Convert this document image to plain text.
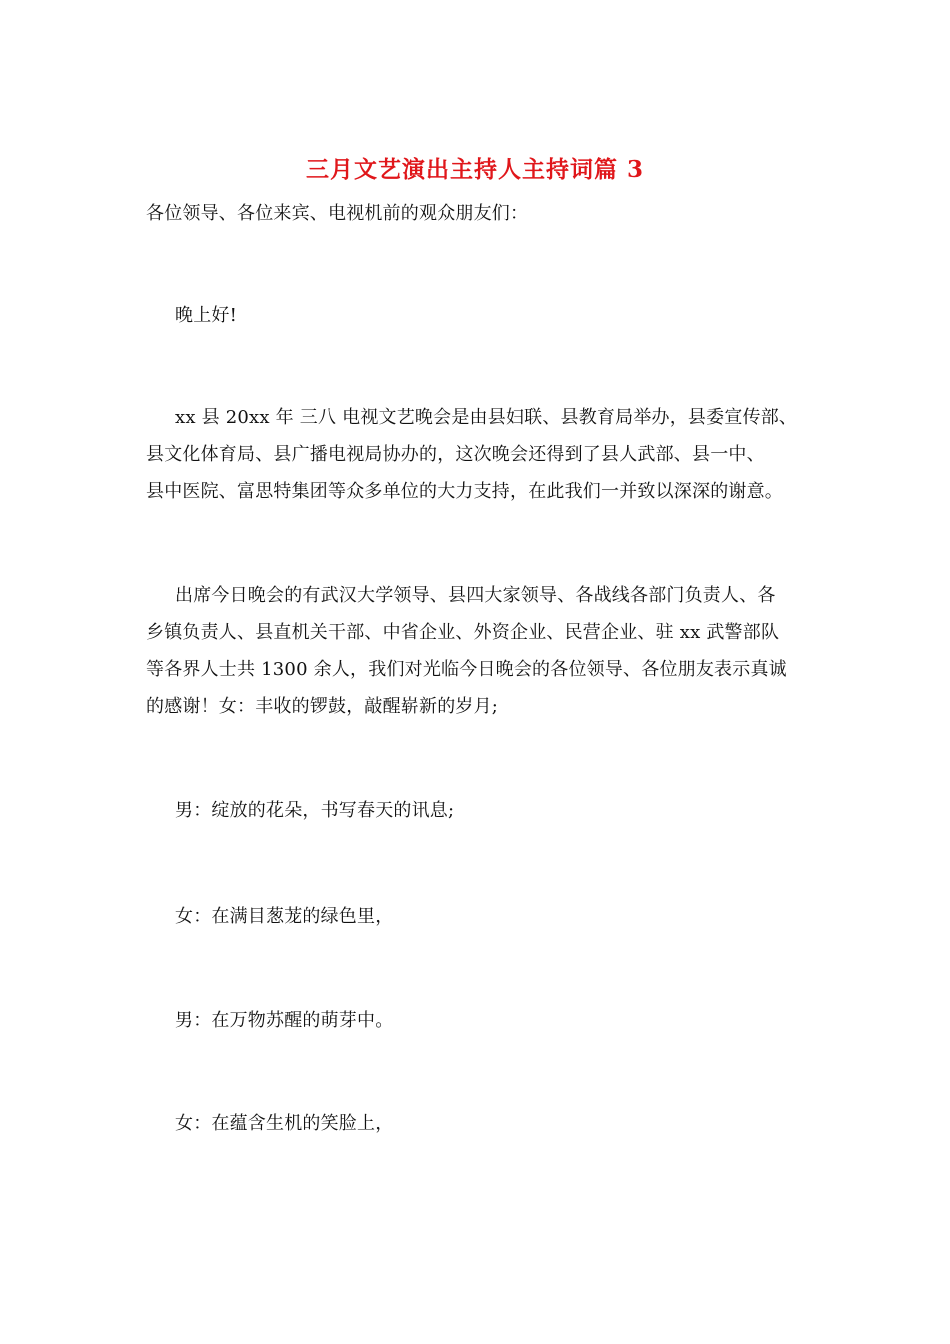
三月文艺演出主持人主持词篇 3

各位领导、各位来宾、电视机前的观众朋友们：

晚上好!

xx 县 20xx 年 三八 电视文艺晚会是由县妇联、县教育局举办，县委宣传部、
县文化体育局、县广播电视局协办的，这次晚会还得到了县人武部、县一中、
县中医院、富思特集团等众多单位的大力支持，在此我们一并致以深深的谢意。
出席今日晚会的有武汉大学领导、县四大家领导、各战线各部门负责人、各
乡镇负责人、县直机关干部、中省企业、外资企业、民营企业、驻 xx 武警部队
等各界人士共 1300 余人，我们对光临今日晚会的各位领导、各位朋友表示真诚
的感谢！女：丰收的锣鼓，敲醒崭新的岁月;

男：绽放的花朵，书写春天的讯息;

女：在满目葱茏的绿色里，

男：在万物苏醒的萌芽中。

女：在蕴含生机的笑脸上，
